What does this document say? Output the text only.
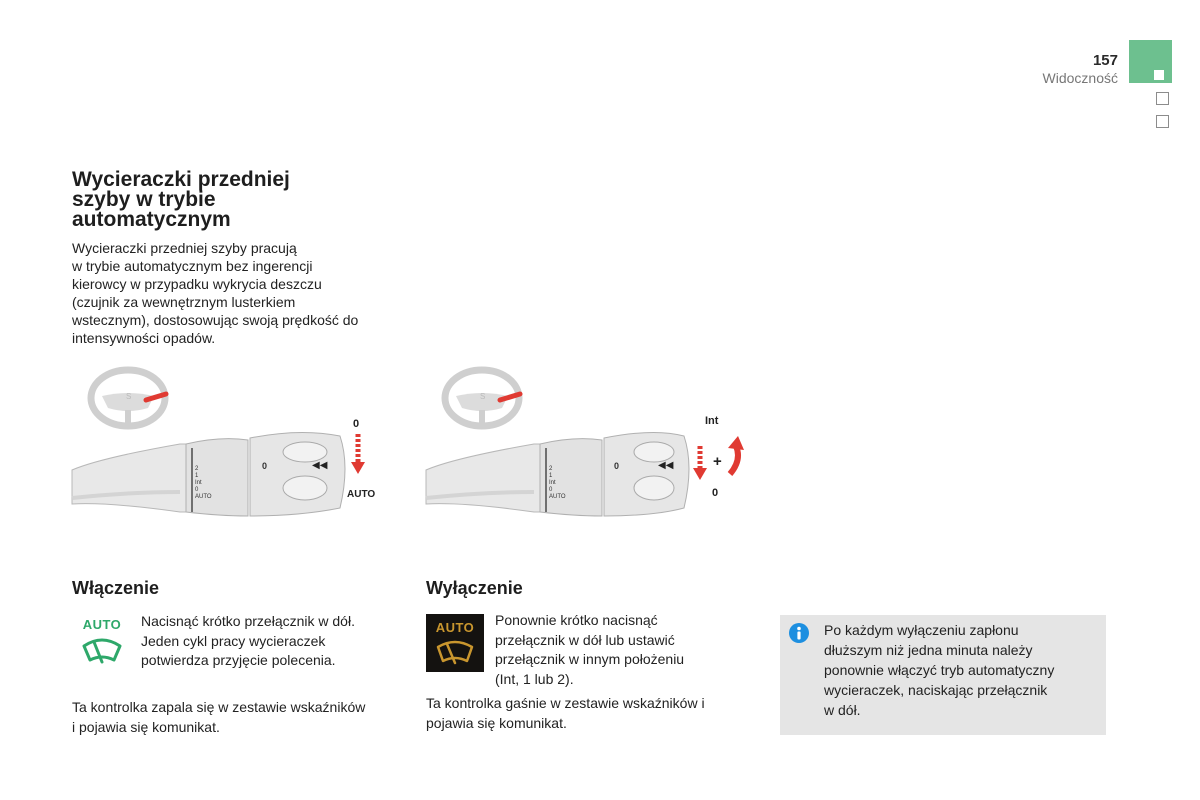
157
Widoczność
Wycieraczki przedniej
szyby w trybie
automatycznym
Wycieraczki przedniej szyby pracują
w trybie automatycznym bez ingerencji
kierowcy w przypadku wykrycia deszczu
(czujnik za wewnętrznym lusterkiem
wstecznym), dostosowując swoją prędkość do
intensywności opadów.
S
0	◀◀
2
1
Int
0
AUTO
0
AUTO
S
0	◀◀
2
1
Int
0
AUTO
+
Int
0
Włączenie
AUTO	Nacisnąć krótko przełącznik w dół.
Jeden cykl pracy wycieraczek
potwierdza przyjęcie polecenia.
Ta kontrolka zapala się w zestawie wskaźników
i pojawia się komunikat.
Wyłączenie
AUTO	Ponownie krótko nacisnąć
przełącznik w dół lub ustawić
przełącznik w innym położeniu
(Int, 1 lub 2).
Ta kontrolka gaśnie w zestawie wskaźników i
pojawia się komunikat.
Po każdym wyłączeniu zapłonu
dłuższym niż jedna minuta należy
ponownie włączyć tryb automatyczny
wycieraczek, naciskając przełącznik
w dół.
